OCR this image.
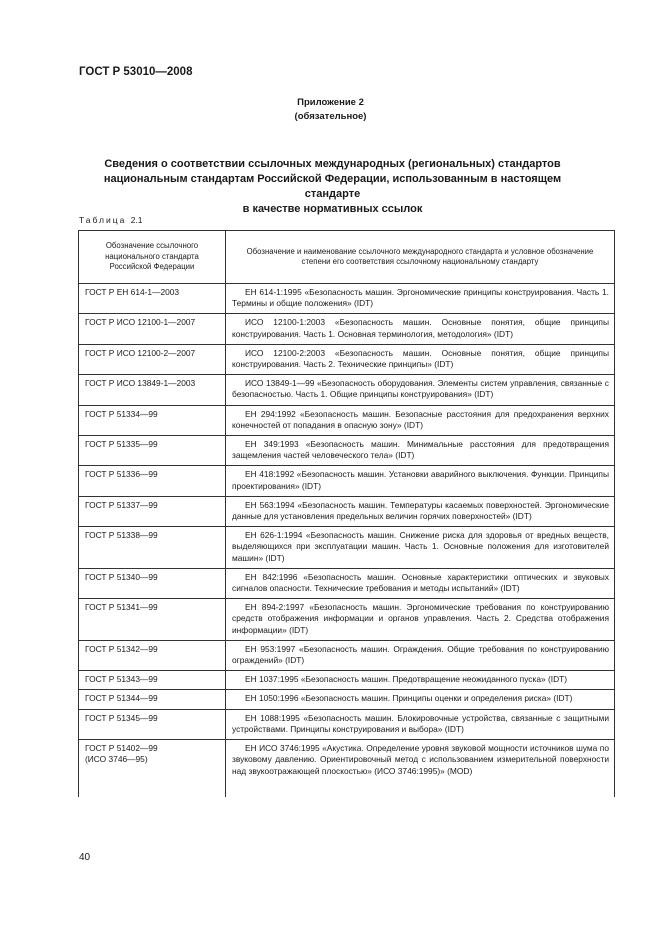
ГОСТ Р 53010—2008
Приложение 2
(обязательное)
Сведения о соответствии ссылочных международных (региональных) стандартов
национальным стандартам Российской Федерации, использованным в настоящем стандарте
в качестве нормативных ссылок
Таблица 2.1
Обозначение ссылочного национального стандарта Российской Федерации	Обозначение и наименование ссылочного международного стандарта и условное обозначение степени его соответствия ссылочному национальному стандарту
ГОСТ Р ЕН 614-1—2003	ЕН 614-1:1995 «Безопасность машин. Эргономические принципы конструирования. Часть 1. Термины и общие положения» (IDT)

ГОСТ Р ИСО 12100-1—2007	ИСО 12100-1:2003 «Безопасность машин. Основные понятия, общие принципы конструирования. Часть 1. Основная терминология, методология» (IDT)

ГОСТ Р ИСО 12100-2—2007	ИСО 12100-2:2003 «Безопасность машин. Основные понятия, общие принципы конструирования. Часть 2. Технические принципы» (IDT)

ГОСТ Р ИСО 13849-1—2003	ИСО 13849-1—99 «Безопасность оборудования. Элементы систем управления, связанные с безопасностью. Часть 1. Общие принципы конструирования» (IDT)

ГОСТ Р 51334—99	ЕН 294:1992 «Безопасность машин. Безопасные расстояния для предохранения верхних конечностей от попадания в опасную зону» (IDT)

ГОСТ Р 51335—99	ЕН 349:1993 «Безопасность машин. Минимальные расстояния для предотвращения защемления частей человеческого тела» (IDT)

ГОСТ Р 51336—99	ЕН 418:1992 «Безопасность машин. Установки аварийного выключения. Функции. Принципы проектирования» (IDT)

ГОСТ Р 51337—99	ЕН 563:1994 «Безопасность машин. Температуры касаемых поверхностей. Эргономические данные для установления предельных величин горячих поверхностей» (IDT)

ГОСТ Р 51338—99	ЕН 626-1:1994 «Безопасность машин. Снижение риска для здоровья от вредных веществ, выделяющихся при эксплуатации машин. Часть 1. Основные положения для изготовителей машин» (IDT)

ГОСТ Р 51340—99	ЕН 842:1996 «Безопасность машин. Основные характеристики оптических и звуковых сигналов опасности. Технические требования и методы испытаний» (IDT)

ГОСТ Р 51341—99	ЕН 894-2:1997 «Безопасность машин. Эргономические требования по конструированию средств отображения информации и органов управления. Часть 2. Средства отображения информации» (IDT)

ГОСТ Р 51342—99	ЕН 953:1997 «Безопасность машин. Ограждения. Общие требования по конструированию ограждений» (IDT)

ГОСТ Р 51343—99	ЕН 1037:1995 «Безопасность машин. Предотвращение неожиданного пуска» (IDT)

ГОСТ Р 51344—99	ЕН 1050:1996 «Безопасность машин. Принципы оценки и определения риска» (IDT)

ГОСТ Р 51345—99	ЕН 1088:1995 «Безопасность машин. Блокировочные устройства, связанные с защитными устройствами. Принципы конструирования и выбора» (IDT)

ГОСТ Р 51402—99
(ИСО 3746—95)	ЕН ИСО 3746:1995 «Акустика. Определение уровня звуковой мощности источников шума по звуковому давлению. Ориентировочный метод с использованием измерительной поверхности над звукоотражающей плоскостью» (ИСО 3746:1995)» (MOD)
40
